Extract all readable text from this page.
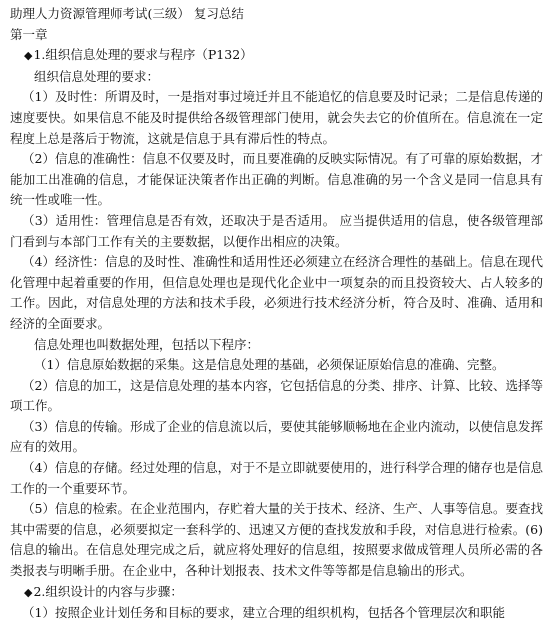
助理人力资源管理师考试(三级） 复习总结
第一章
◆1.组织信息处理的要求与程序（P132）
组织信息处理的要求：
（1）及时性：所谓及时，一是指对事过境迁并且不能追忆的信息要及时记录；二是信息传递的速度要快。如果信息不能及时提供给各级管理部门使用，就会失去它的价值所在。信息流在一定程度上总是落后于物流，这就是信息于具有滞后性的特点。
（2）信息的准确性：信息不仅要及时，而且要准确的反映实际情况。有了可靠的原始数据，才能加工出准确的信息，才能保证決策者作出正确的判断。信息准确的另一个含义是同一信息具有统一性或唯一性。
（3）适用性：管理信息是否有效，还取决于是否适用。 应当提供适用的信息，使各级管理部门看到与本部门工作有关的主要数据，以便作出相应的决策。
（4）经济性：信息的及时性、准确性和适用性还必须建立在经济合理性的基础上。信息在现代化管理中起着重要的作用，但信息处理也是现代化企业中一项复杂的而且投资较大、占人较多的工作。因此，对信息处理的方法和技术手段，必须进行技术经济分析，符合及时、准确、适用和经济的全面要求。
信息处理也叫数据处理，包括以下程序：
（1）信息原始数据的采集。这是信息处理的基础，必须保证原始信息的准确、完整。
（2）信息的加工，这是信息处理的基本内容，它包括信息的分类、排序、计算、比较、选择等项工作。
（3）信息的传输。形成了企业的信息流以后，要使其能够顺畅地在企业内流动，以使信息发挥应有的效用。
（4）信息的存储。经过处理的信息，对于不是立即就要使用的，进行科学合理的储存也是信息工作的一个重要环节。
（5）信息的检索。在企业范围内，存贮着大量的关于技术、经济、生产、人事等信息。要查找其中需要的信息，必须要拟定一套科学的、迅速又方便的查找发放和手段，对信息进行检索。(6) 信息的输出。在信息处理完成之后，就应将处理好的信息组，按照要求做成管理人员所必需的各类报表与明晰手册。在企业中，各种计划报表、技术文件等等都是信息输出的形式。
◆2.组织设计的内容与步骤：
（1）按照企业计划任务和目标的要求，建立合理的组织机构，包括各个管理层次和职能
